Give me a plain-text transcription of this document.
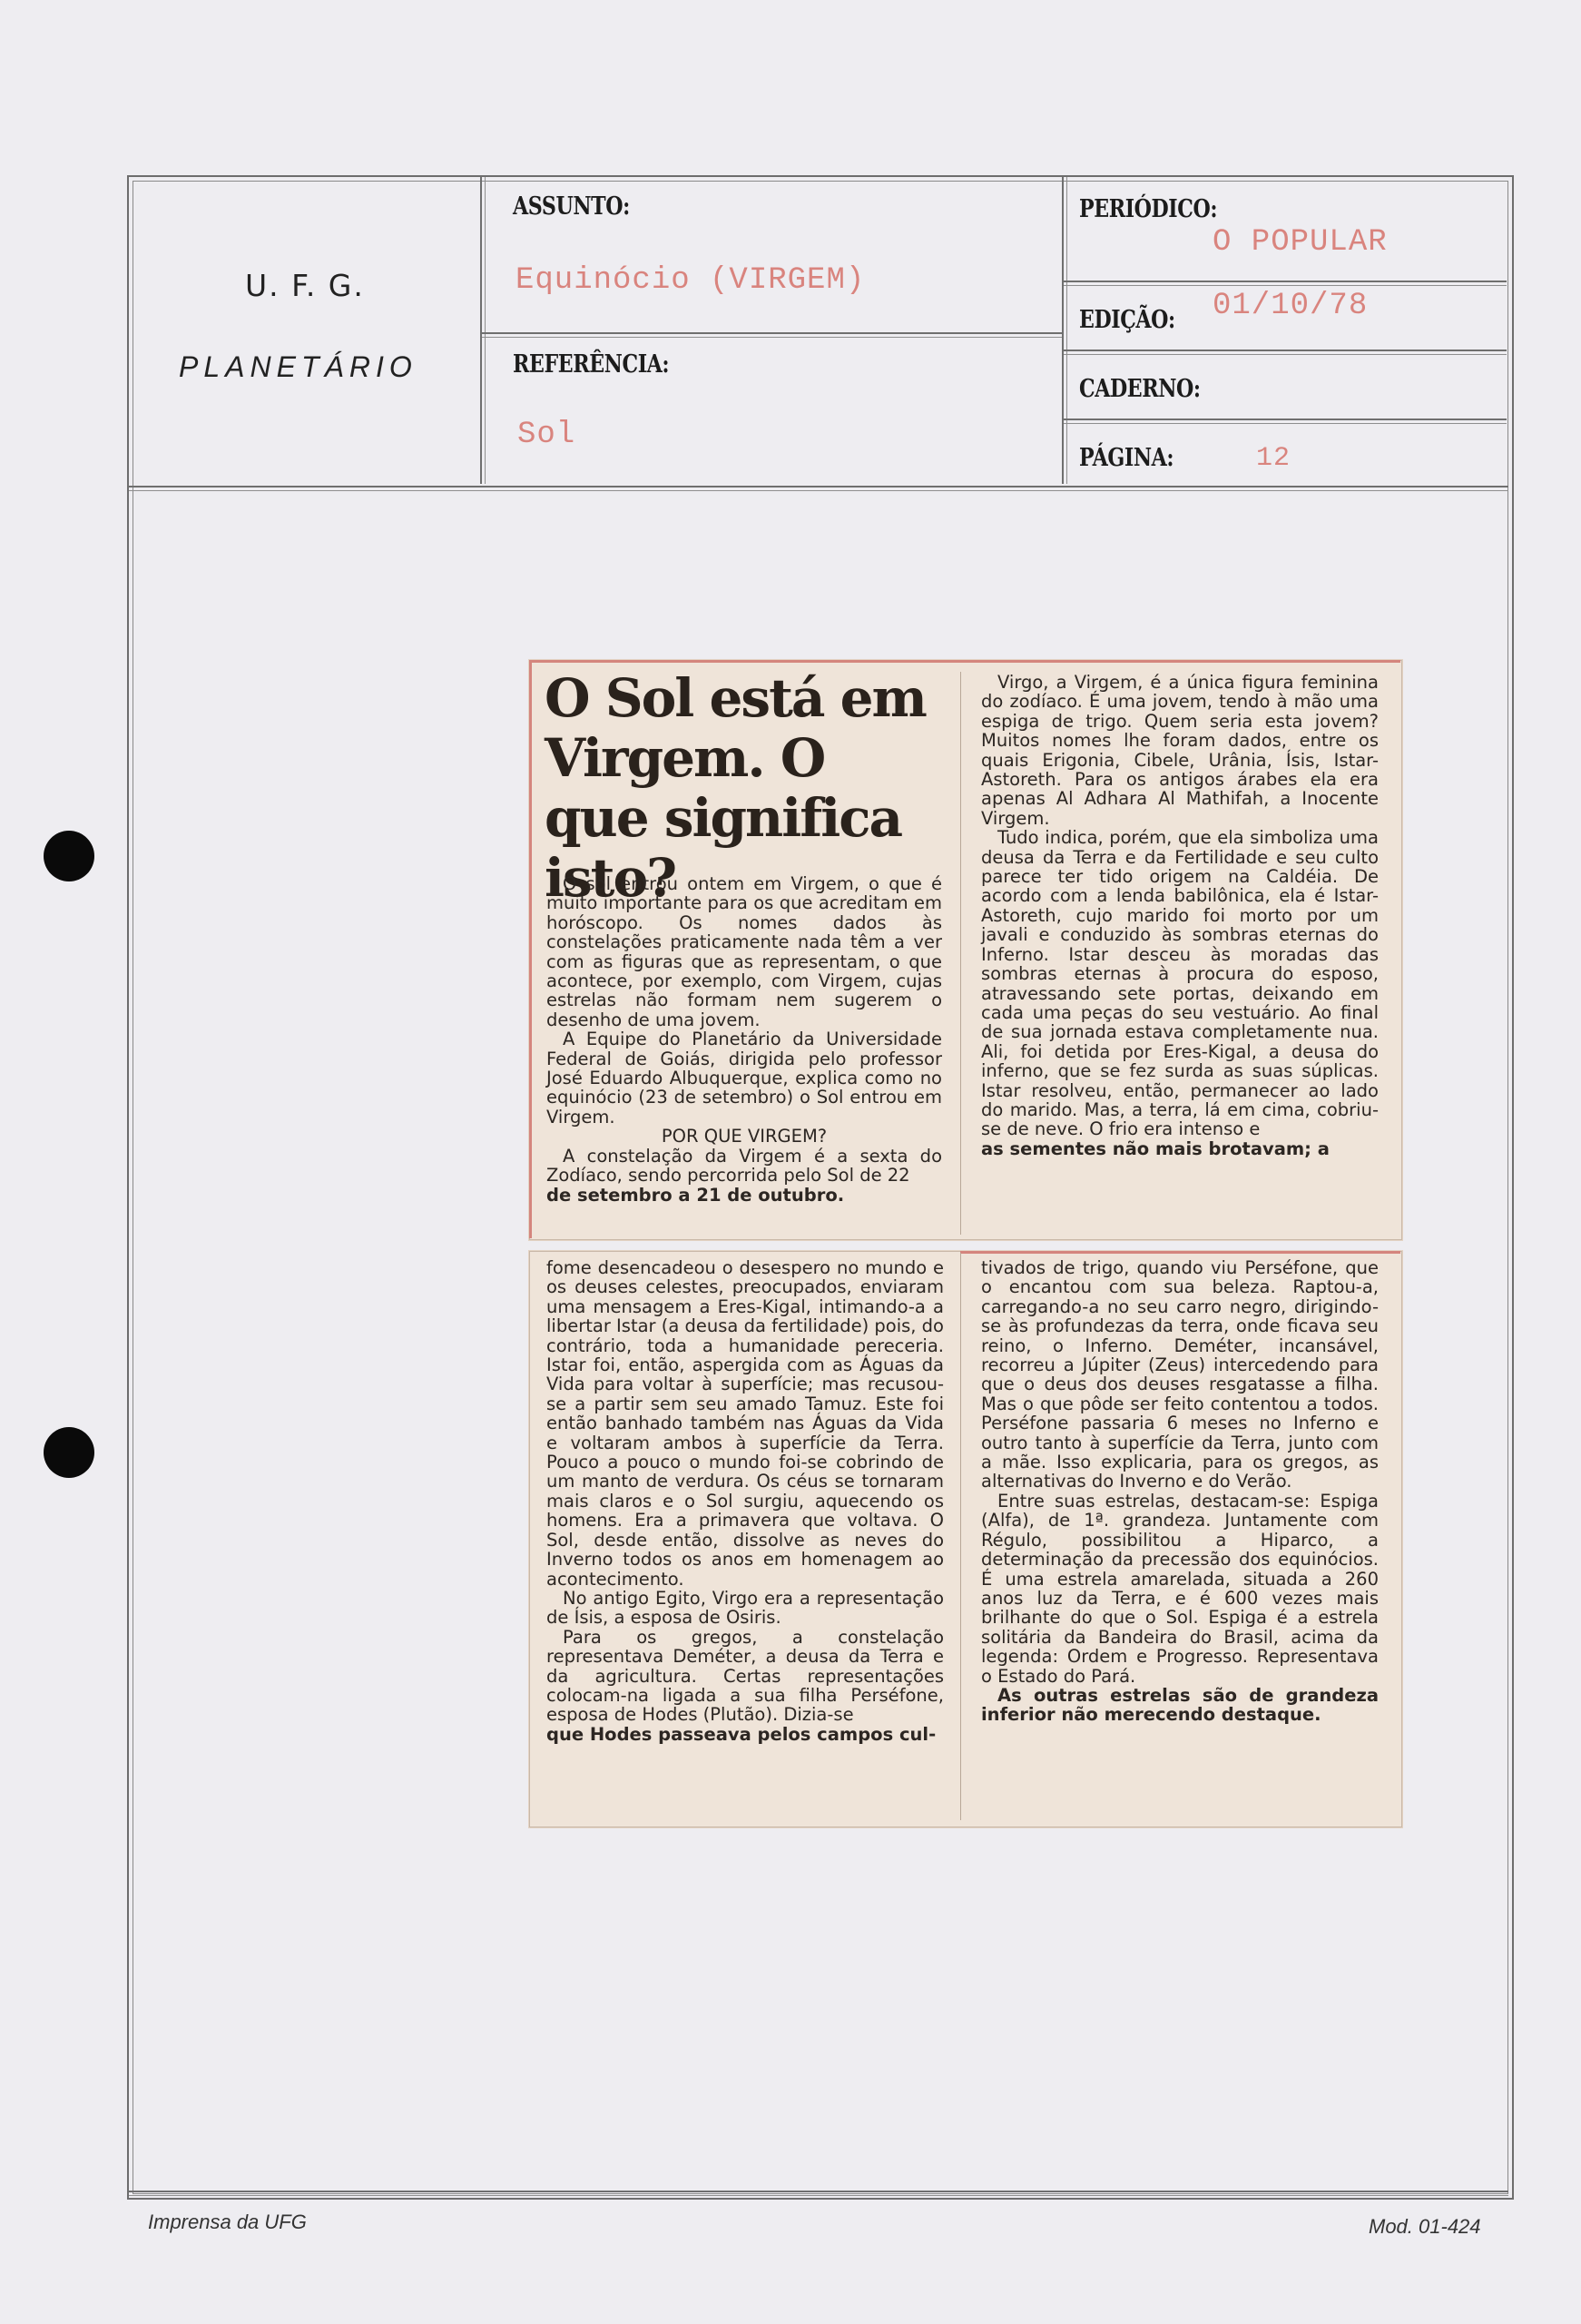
U. F. G.
PLANETÁRIO
ASSUNTO:
Equinócio (VIRGEM)
REFERÊNCIA:
Sol
PERIÓDICO:
O POPULAR
EDIÇÃO: 01/10/78
CADERNO:
PÁGINA:	12
O Sol está em Virgem. O que significa isto?

O sol entrou ontem em Virgem, o que é muito importante para os que acreditam em horóscopo. Os nomes dados às constelações praticamente nada têm a ver com as figuras que as representam, o que acontece, por exemplo, com Virgem, cujas estrelas não formam nem sugerem o desenho de uma jovem.

A Equipe do Planetário da Universidade Federal de Goiás, dirigida pelo professor José Eduardo Albuquerque, explica como no equinócio (23 de setembro) o Sol entrou em Virgem.

POR QUE VIRGEM?

A constelação da Virgem é a sexta do Zodíaco, sendo percorrida pelo Sol de 22

de setembro a 21 de outubro.

Virgo, a Virgem, é a única figura feminina do zodíaco. É uma jovem, tendo à mão uma espiga de trigo. Quem seria esta jovem? Muitos nomes lhe foram dados, entre os quais Erigonia, Cibele, Urânia, Ísis, Istar-Astoreth. Para os antigos árabes ela era apenas Al Adhara Al Mathifah, a Inocente Virgem.

Tudo indica, porém, que ela simboliza uma deusa da Terra e da Fertilidade e seu culto parece ter tido origem na Caldéia. De acordo com a lenda babilônica, ela é Istar-Astoreth, cujo marido foi morto por um javali e conduzido às sombras eternas do Inferno. Istar desceu às moradas das sombras eternas à procura do esposo, atravessando sete portas, deixando em cada uma peças do seu vestuário. Ao final de sua jornada estava completamente nua. Ali, foi detida por Eres-Kigal, a deusa do inferno, que se fez surda as suas súplicas. Istar resolveu, então, permanecer ao lado do marido. Mas, a terra, lá em cima, cobriu-se de neve. O frio era intenso e

as sementes não mais brotavam; a

fome desencadeou o desespero no mundo e os deuses celestes, preocupados, enviaram uma mensagem a Eres-Kigal, intimando-a a libertar Istar (a deusa da fertilidade) pois, do contrário, toda a humanidade pereceria. Istar foi, então, aspergida com as Águas da Vida para voltar à superfície; mas recusou-se a partir sem seu amado Tamuz. Este foi então banhado também nas Águas da Vida e voltaram ambos à superfície da Terra. Pouco a pouco o mundo foi-se cobrindo de um manto de verdura. Os céus se tornaram mais claros e o Sol surgiu, aquecendo os homens. Era a primavera que voltava. O Sol, desde então, dissolve as neves do Inverno todos os anos em homenagem ao acontecimento.

No antigo Egito, Virgo era a representação de Ísis, a esposa de Osiris.

Para os gregos, a constelação representava Deméter, a deusa da Terra e da agricultura. Certas representações colocam-na ligada a sua filha Perséfone, esposa de Hodes (Plutão). Dizia-se

que Hodes passeava pelos campos cul-

tivados de trigo, quando viu Perséfone, que o encantou com sua beleza. Raptou-a, carregando-a no seu carro negro, dirigindo-se às profundezas da terra, onde ficava seu reino, o Inferno. Deméter, incansável, recorreu a Júpiter (Zeus) intercedendo para que o deus dos deuses resgatasse a filha. Mas o que pôde ser feito contentou a todos. Perséfone passaria 6 meses no Inferno e outro tanto à superfície da Terra, junto com a mãe. Isso explicaria, para os gregos, as alternativas do Inverno e do Verão.

Entre suas estrelas, destacam-se: Espiga (Alfa), de 1ª. grandeza. Juntamente com Régulo, possibilitou a Hiparco, a determinação da precessão dos equinócios. É uma estrela amarelada, situada a 260 anos luz da Terra, e é 600 vezes mais brilhante do que o Sol. Espiga é a estrela solitária da Bandeira do Brasil, acima da legenda: Ordem e Progresso. Representava o Estado do Pará.

As outras estrelas são de grandeza inferior não merecendo destaque.

Imprensa da UFG	Mod. 01-424
